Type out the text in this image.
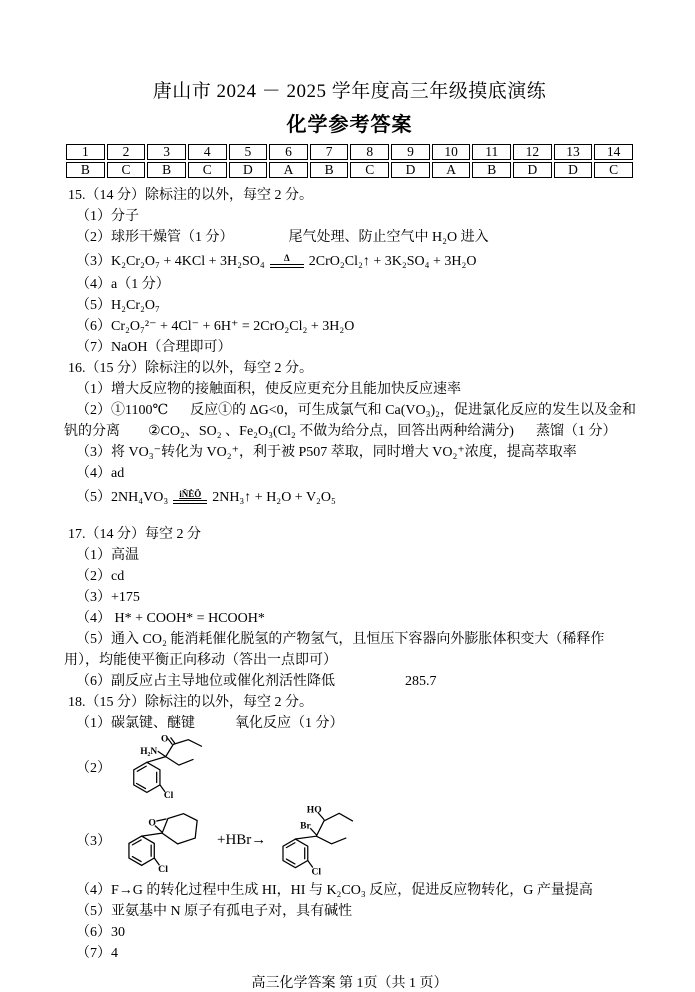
唐山市 2024 － 2025 学年度高三年级摸底演练
化学参考答案
1	2	3	4	5	6	7	8	9	10	11	12	13	14
B	C	B	C	D	A	B	C	D	A	B	D	D	C
15.（14 分）除标注的以外，每空 2 分。
（1）分子
（2）球形干燥管（1 分）	尾气处理、防止空气中 H₂O 进入
（3）K₂Cr₂O₇ + 4KCl + 3H₂SO₄ Δ 2CrO₂Cl₂↑ + 3K₂SO₄ + 3H₂O
（4）a（1 分）
（5）H₂Cr₂O₇
（6）Cr₂O₇²⁻ + 4Cl⁻ + 6H⁺ = 2CrO₂Cl₂ + 3H₂O
（7）NaOH（合理即可）
16.（15 分）除标注的以外，每空 2 分。
（1）增大反应物的接触面积，使反应更充分且能加快反应速率
（2）①1100℃ 反应①的 ΔG<0，可生成氯气和 Ca(VO₃)₂，促进氯化反应的发生以及金和
钒的分离 ②CO₂、SO₂ 、Fe₂O₃(Cl₂ 不做为给分点，回答出两种给满分) 蒸馏（1 分）
（3）将 VO₃⁻转化为 VO₂⁺，利于被 P507 萃取，同时增大 VO₂⁺浓度，提高萃取率
（4）ad
（5）2NH₄VO₃ iŇĖÖ 2NH₃↑ + H₂O + V₂O₅
17.（14 分）每空 2 分
（1）高温
（2）cd
（3）+175
（4） H* + COOH* = HCOOH*
（5）通入 CO₂ 能消耗催化脱氢的产物氢气，且恒压下容器向外膨胀体积变大（稀释作
用），均能使平衡正向移动（答出一点即可）
（6）副反应占主导地位或催化剂活性降低	285.7
18.（15 分）除标注的以外，每空 2 分。
（1）碳氯键、醚键	氧化反应（1 分）
（2）
H₂N
O
Cl
（3）
O
Cl
+HBr→
Br
HO
Cl
（4）F→G 的转化过程中生成 HI，HI 与 K₂CO₃ 反应，促进反应物转化，G 产量提高
（5）亚氨基中 N 原子有孤电子对，具有碱性
（6）30
（7）4
高三化学答案 第 1页（共 1 页）
